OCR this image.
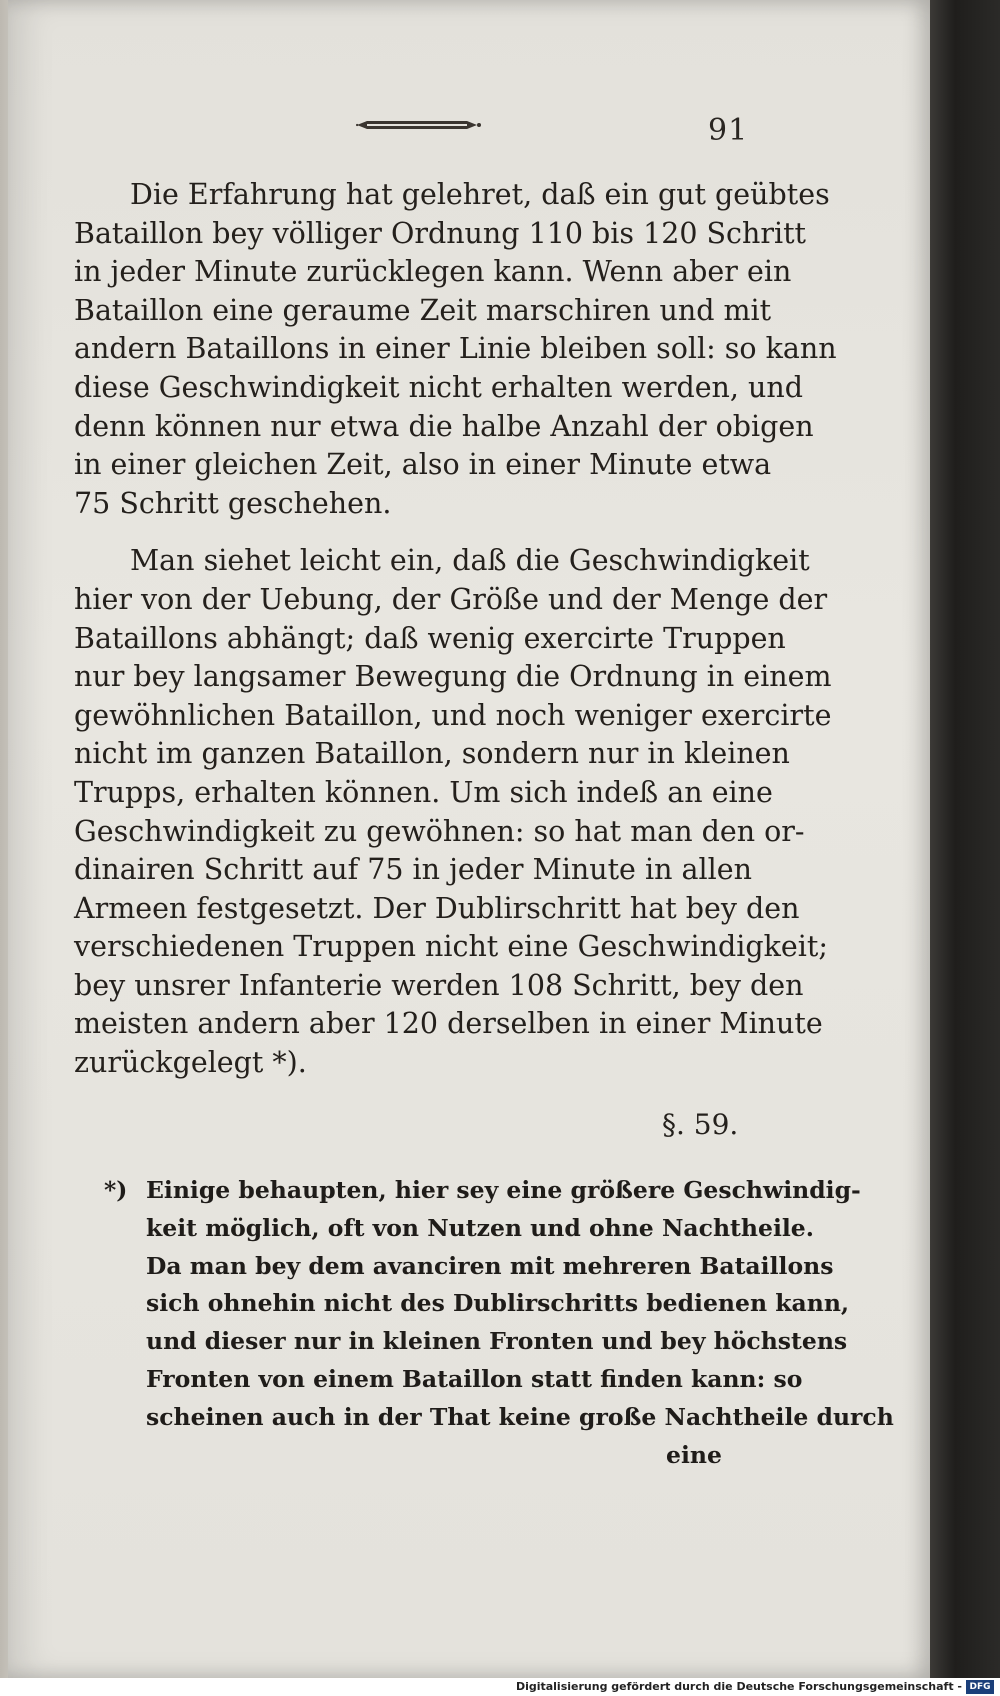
91

Die Erfahrung hat gelehret, daß ein gut geübtes
Bataillon bey völliger Ordnung 110 bis 120 Schritt
in jeder Minute zurücklegen kann. Wenn aber ein
Bataillon eine geraume Zeit marschiren und mit
andern Bataillons in einer Linie bleiben soll: so kann
diese Geschwindigkeit nicht erhalten werden, und
denn können nur etwa die halbe Anzahl der obigen
in einer gleichen Zeit, also in einer Minute etwa
75 Schritt geschehen.

Man siehet leicht ein, daß die Geschwindigkeit
hier von der Uebung, der Größe und der Menge der
Bataillons abhängt; daß wenig exercirte Truppen
nur bey langsamer Bewegung die Ordnung in einem
gewöhnlichen Bataillon, und noch weniger exercirte
nicht im ganzen Bataillon, sondern nur in kleinen
Trupps, erhalten können. Um sich indeß an eine
Geschwindigkeit zu gewöhnen: so hat man den or-
dinairen Schritt auf 75 in jeder Minute in allen
Armeen festgesetzt. Der Dublirschritt hat bey den
verschiedenen Truppen nicht eine Geschwindigkeit;
bey unsrer Infanterie werden 108 Schritt, bey den
meisten andern aber 120 derselben in einer Minute
zurückgelegt *).

§. 59.
*) Einige behaupten, hier sey eine größere Geschwindig-
keit möglich, oft von Nutzen und ohne Nachtheile.
Da man bey dem avanciren mit mehreren Bataillons
sich ohnehin nicht des Dublirschritts bedienen kann,
und dieser nur in kleinen Fronten und bey höchstens
Fronten von einem Bataillon statt finden kann: so
scheinen auch in der That keine große Nachtheile durch
eine
Digitalisierung gefördert durch die Deutsche Forschungsgemeinschaft - DFG
